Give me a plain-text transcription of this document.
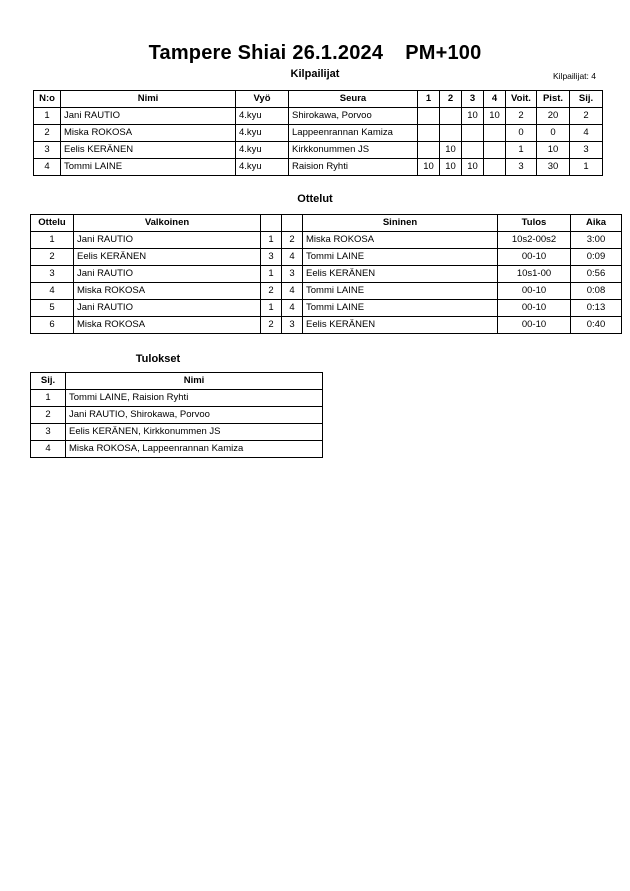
Tampere Shiai 26.1.2024 PM+100
Kilpailijat	Kilpailijat: 4
N:o	Nimi	Vyö	Seura	1	2	3	4	Voit.	Pist.	Sij.
1	Jani RAUTIO	4.kyu	Shirokawa, Porvoo			10	10	2	20	2
2	Miska ROKOSA	4.kyu	Lappeenrannan Kamiza					0	0	4
3	Eelis KERÄNEN	4.kyu	Kirkkonummen JS		10			1	10	3
4	Tommi LAINE	4.kyu	Raision Ryhti	10	10	10		3	30	1
Ottelut
Ottelu	Valkoinen			Sininen	Tulos	Aika
1	Jani RAUTIO	1	2	Miska ROKOSA	10s2-00s2	3:00
2	Eelis KERÄNEN	3	4	Tommi LAINE	00-10	0:09
3	Jani RAUTIO	1	3	Eelis KERÄNEN	10s1-00	0:56
4	Miska ROKOSA	2	4	Tommi LAINE	00-10	0:08
5	Jani RAUTIO	1	4	Tommi LAINE	00-10	0:13
6	Miska ROKOSA	2	3	Eelis KERÄNEN	00-10	0:40
Tulokset
Sij.	Nimi
1	Tommi LAINE, Raision Ryhti
2	Jani RAUTIO, Shirokawa, Porvoo
3	Eelis KERÄNEN, Kirkkonummen JS
4	Miska ROKOSA, Lappeenrannan Kamiza
